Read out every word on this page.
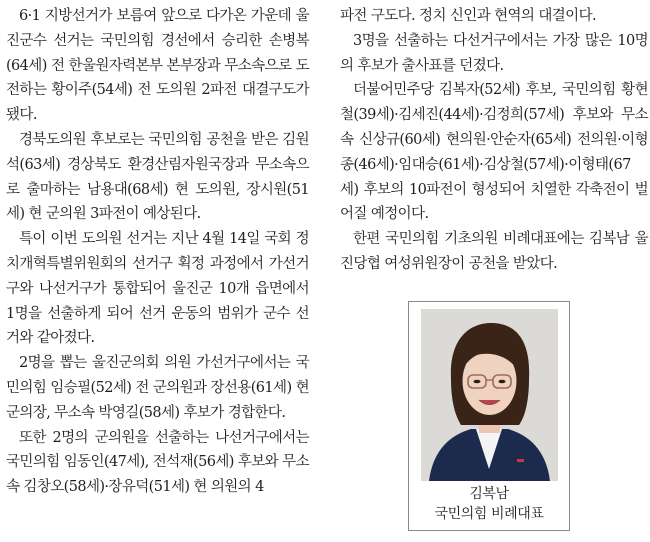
6·1 지방선거가 보름여 앞으로 다가온 가운데 울진군수 선거는 국민의힘 경선에서 승리한 손병복(64세) 전 한울원자력본부 본부장과 무소속으로 도전하는 황이주(54세) 전 도의원 2파전 대결구도가 됐다.

경북도의원 후보로는 국민의힘 공천을 받은 김원석(63세) 경상북도 환경산림자원국장과 무소속으로 출마하는 남용대(68세) 현 도의원, 장시원(51세) 현 군의원 3파전이 예상된다.

특이 이번 도의원 선거는 지난 4월 14일 국회 정치개혁특별위원회의 선거구 획정 과정에서 가선거구와 나선거구가 통합되어 울진군 10개 읍면에서 1명을 선출하게 되어 선거 운동의 범위가 군수 선거와 같아졌다.

2명을 뽑는 울진군의회 의원 가선거구에서는 국민의힘 임승필(52세) 전 군의원과 장선용(61세) 현 군의장, 무소속 박영길(58세) 후보가 경합한다.

또한 2명의 군의원을 선출하는 나선거구에서는 국민의힘 임동인(47세), 전석재(56세) 후보와 무소속 김창오(58세)·장유덕(51세) 현 의원의 4

파전 구도다. 정치 신인과 현역의 대결이다.

3명을 선출하는 다선거구에서는 가장 많은 10명의 후보가 출사표를 던졌다.

더불어민주당 김복자(52세) 후보, 국민의힘 황현철(39세)·김세진(44세)·김정희(57세) 후보와 무소속 신상규(60세) 현의원·안순자(65세) 전의원·이형종(46세)·임대승(61세)·김상철(57세)·이형태(67세) 후보의 10파전이 형성되어 치열한 각축전이 벌어질 예정이다.

한편 국민의힘 기초의원 비례대표에는 김복남 울진당협 여성위원장이 공천을 받았다.

김복남
국민의힘 비례대표
